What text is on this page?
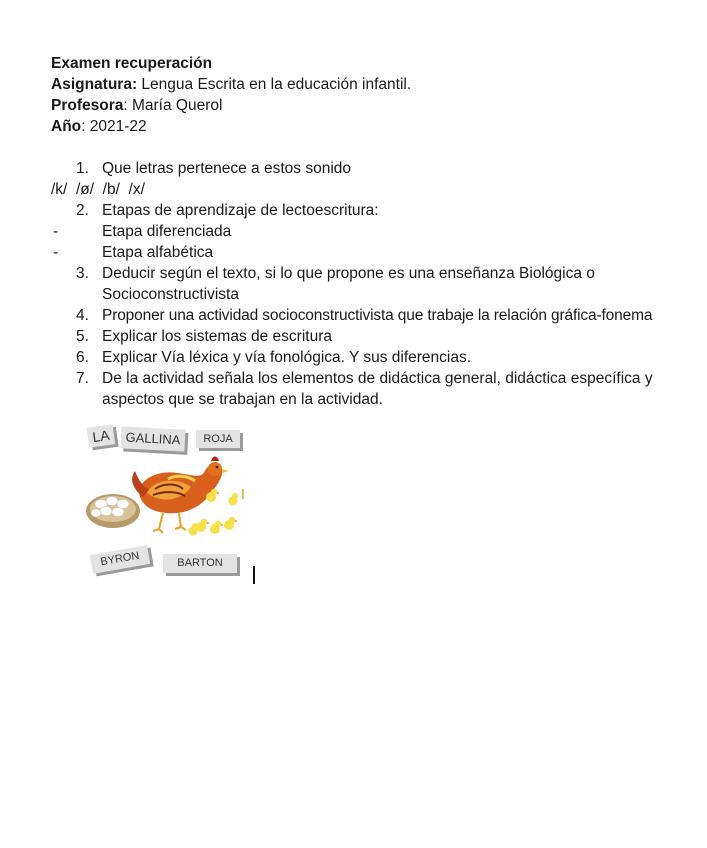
Examen recuperación
Asignatura: Lengua Escrita en la educación infantil.
Profesora: María Querol
Año: 2021-22
1. Que letras pertenece a estos sonido
/k/  /ø/  /b/  /x/
2. Etapas de aprendizaje de lectoescritura:
-	Etapa diferenciada
-	Etapa alfabética
3. Deducir según el texto, si lo que propone es una enseñanza Biológica o Socioconstructivista
4. Proponer una actividad socioconstructivista que trabaje la relación gráfica-fonema
5. Explicar los sistemas de escritura
6. Explicar Vía léxica y vía fonológica. Y sus diferencias.
7. De la actividad señala los elementos de didáctica general, didáctica específica y aspectos que se trabajan en la actividad.
LA	GALLINA	ROJA
BYRON	BARTON
